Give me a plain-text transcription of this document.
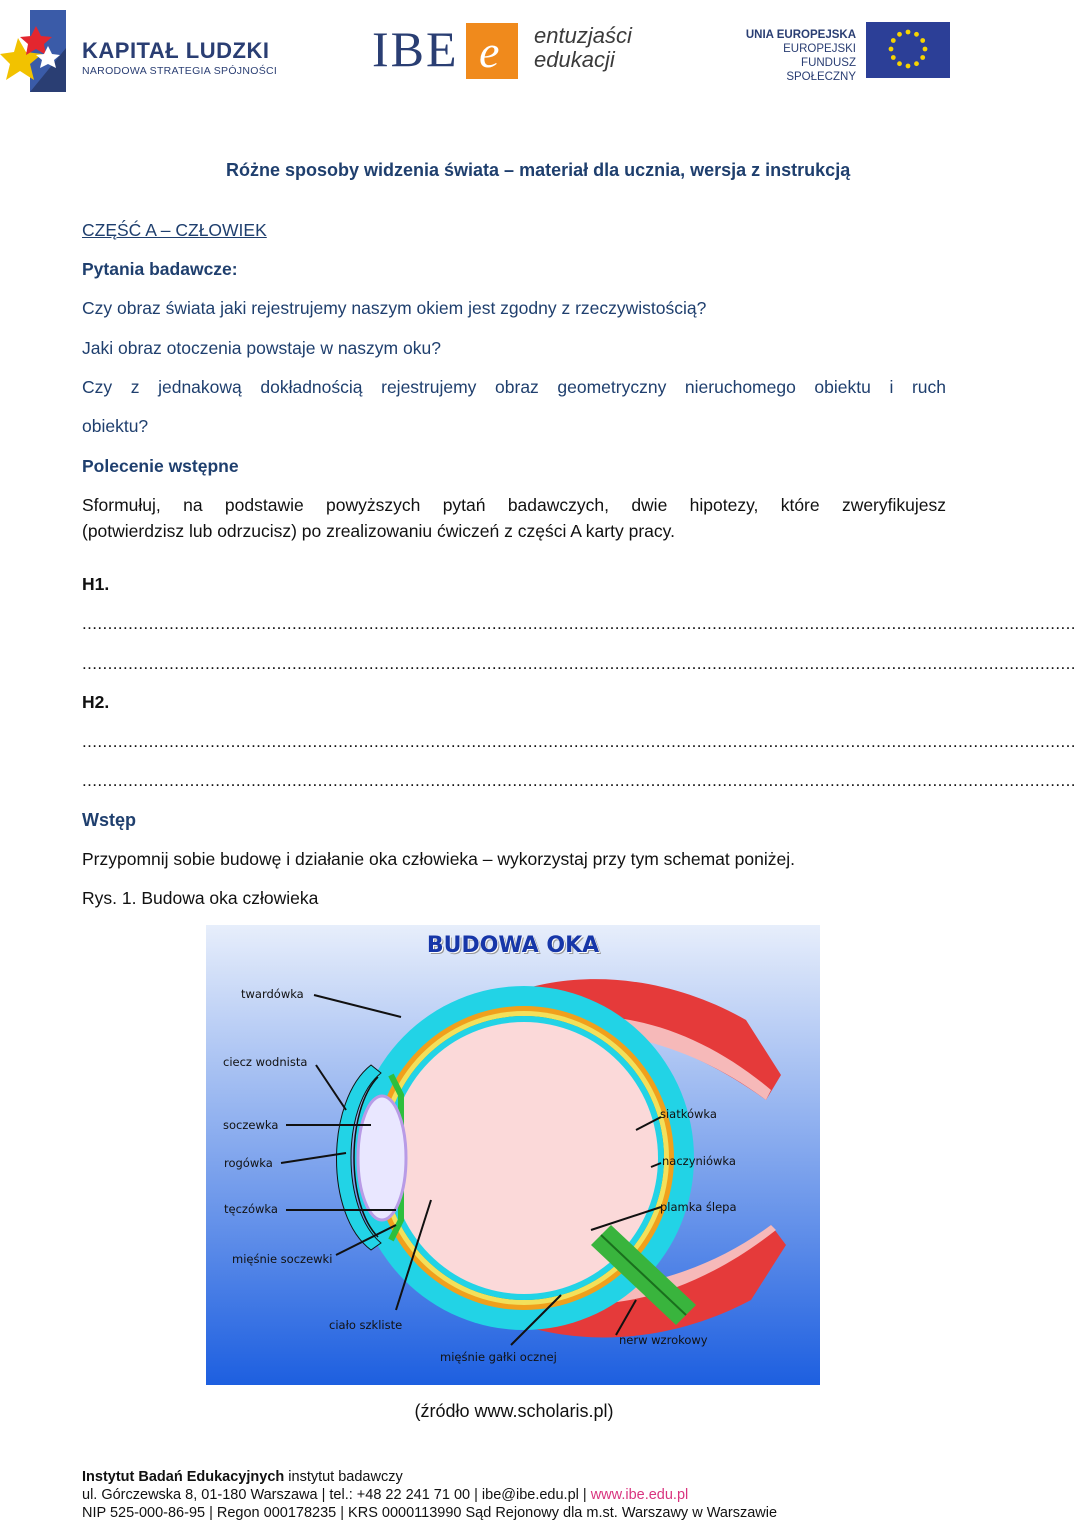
KAPITAŁ LUDZKI
NARODOWA STRATEGIA SPÓJNOŚCI IBE e entuzjaści
edukacji
UNIA EUROPEJSKA
EUROPEJSKI
FUNDUSZ SPOŁECZNY
Różne sposoby widzenia świata – materiał dla ucznia, wersja z instrukcją
CZĘŚĆ A – CZŁOWIEK
Pytania badawcze:
Czy obraz świata jaki rejestrujemy naszym okiem jest zgodny z rzeczywistością?
Jaki obraz otoczenia powstaje w naszym oku?
Czy z jednakową dokładnością rejestrujemy obraz geometryczny nieruchomego obiektu i ruch
obiektu?
Polecenie wstępne
Sformułuj, na podstawie powyższych pytań badawczych, dwie hipotezy, które zweryfikujesz
(potwierdzisz lub odrzucisz) po zrealizowaniu ćwiczeń z części A karty pracy.
H1.
..................................................................................................................................................................................................
..................................................................................................................................................................................................
H2.
..................................................................................................................................................................................................
..................................................................................................................................................................................................
Wstęp
Przypomnij sobie budowę i działanie oka człowieka – wykorzystaj przy tym schemat poniżej.
Rys. 1. Budowa oka człowieka
BUDOWA OKA
twardówka
ciecz wodnista
soczewka
rogówka
tęczówka
mięśnie soczewki
ciało szkliste
mięśnie gałki ocznej
siatkówka
naczyniówka
plamka ślepa
nerw wzrokowy
(źródło www.scholaris.pl)
Instytut Badań Edukacyjnych instytut badawczy
ul. Górczewska 8, 01-180 Warszawa | tel.: +48 22 241 71 00 | ibe@ibe.edu.pl | www.ibe.edu.pl
NIP 525-000-86-95 | Regon 000178235 | KRS 0000113990 Sąd Rejonowy dla m.st. Warszawy w Warszawie
